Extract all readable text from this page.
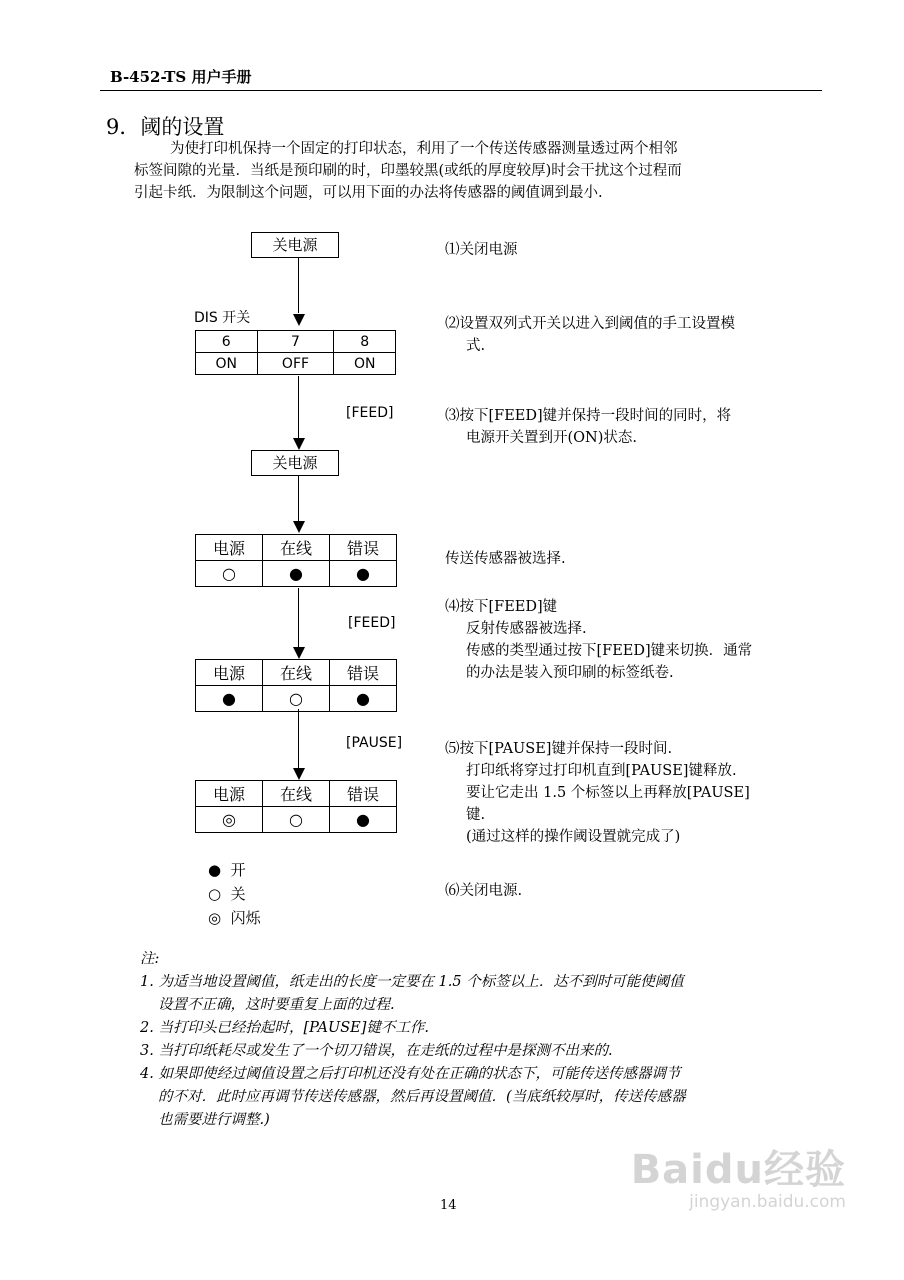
B-452-TS 用户手册
9．阈的设置

为使打印机保持一个固定的打印状态，利用了一个传送传感器测量透过两个相邻

标签间隙的光量．当纸是预印刷的时，印墨较黑(或纸的厚度较厚)时会干扰这个过程而

引起卡纸．为限制这个问题，可以用下面的办法将传感器的阈值调到最小.

关电源
DIS 开关
6	7	8
ON	OFF	ON
[FEED]
关电源
电源	在线	错误
○	●	●
[FEED]
电源	在线	错误
●	○	●
[PAUSE]
电源	在线	错误
◎	○	●
● 开
○ 关
◎ 闪烁
⑴关闭电源
⑵设置双列式开关以进入到阈值的手工设置模
式.
⑶按下[FEED]键并保持一段时间的同时，将
电源开关置到开(ON)状态.
传送传感器被选择.
⑷按下[FEED]键
反射传感器被选择.
传感的类型通过按下[FEED]键来切换．通常
的办法是装入预印刷的标签纸卷.
⑸按下[PAUSE]键并保持一段时间.
打印纸将穿过打印机直到[PAUSE]键释放.
要让它走出 1.5 个标签以上再释放[PAUSE]
键.
(通过这样的操作阈设置就完成了)
⑹关闭电源.
注:
1. 为适当地设置阈值，纸走出的长度一定要在 1.5 个标签以上．达不到时可能使阈值
设置不正确，这时要重复上面的过程.
2. 当打印头已经抬起时，[PAUSE]键不工作.
3. 当打印纸耗尽或发生了一个切刀错误，在走纸的过程中是探测不出来的.
4. 如果即使经过阈值设置之后打印机还没有处在正确的状态下，可能传送传感器调节
的不对．此时应再调节传送传感器，然后再设置阈值．(当底纸较厚时，传送传感器
也需要进行调整.)
14
Baidu经验
jingyan.baidu.com
